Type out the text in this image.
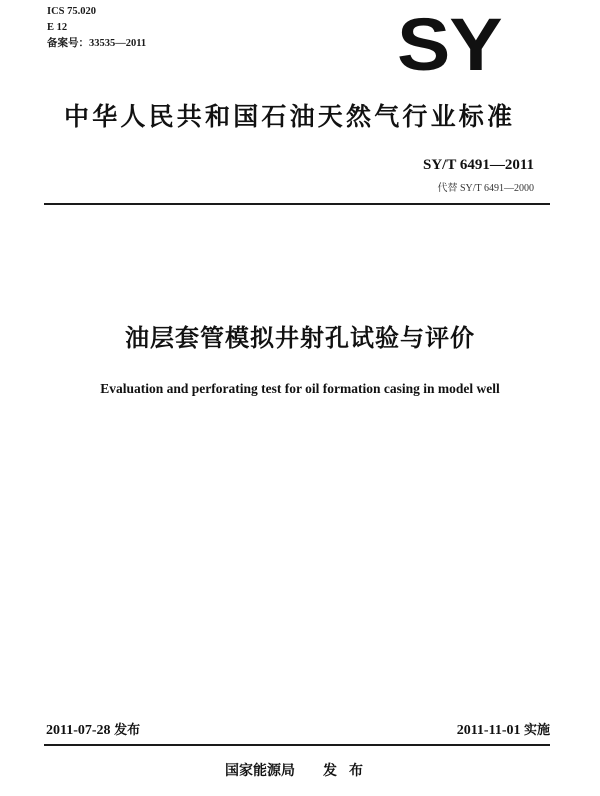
ICS 75.020
E 12
备案号：33535—2011	SY
中华人民共和国石油天然气行业标准
SY/T 6491—2011
代替 SY/T 6491—2000
油层套管模拟井射孔试验与评价
Evaluation and perforating test for oil formation casing in model well
2011-07-28 发布	2011-11-01 实施
国家能源局 发布
